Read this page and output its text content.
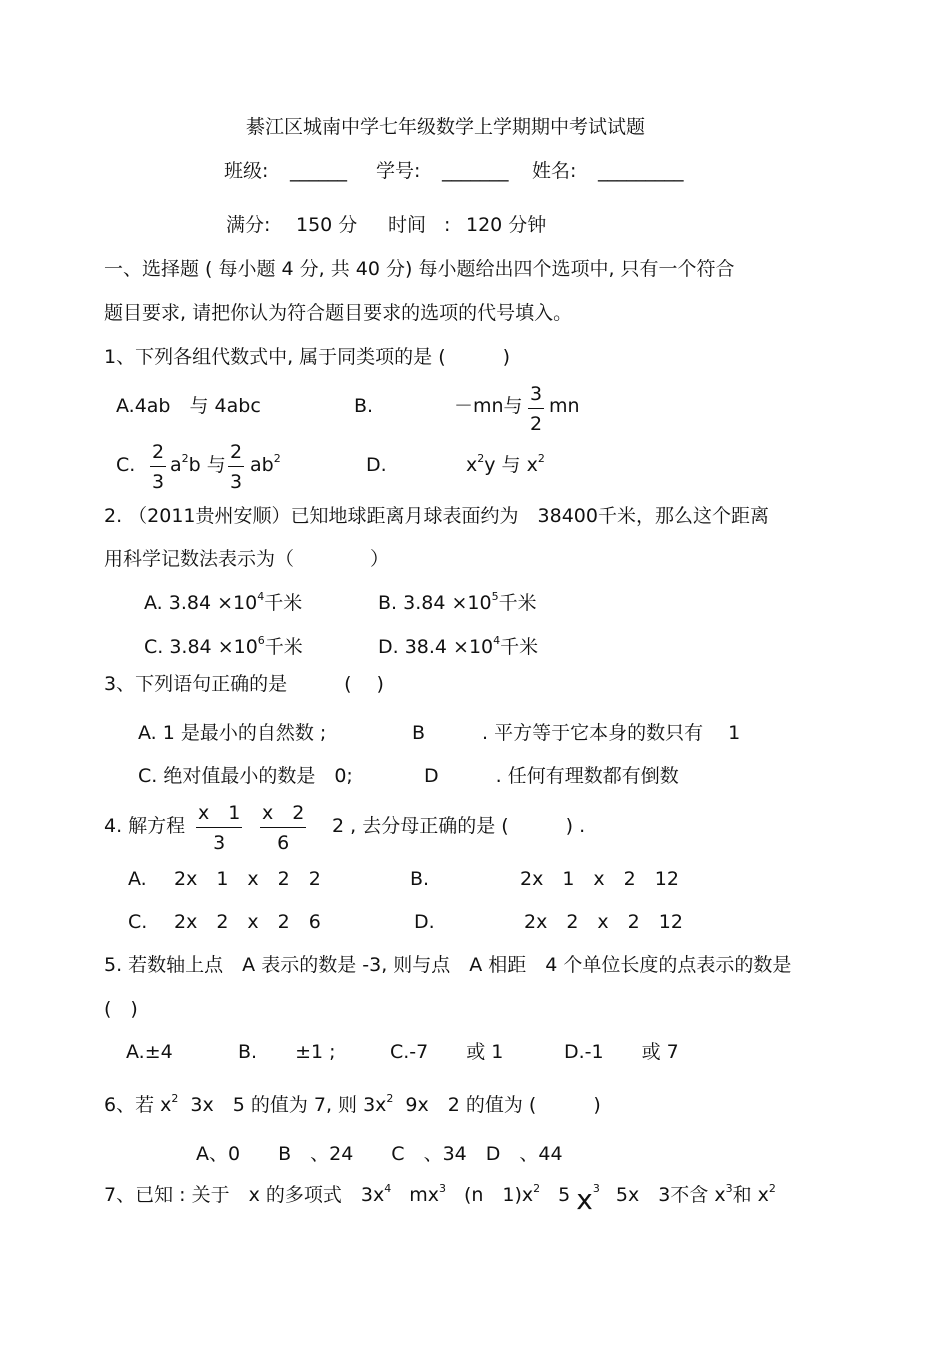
綦江区城南中学七年级数学上学期期中考试试题
班级: ______ 学号: _______ 姓名: _________
满分: 150 分 时间 : 120 分钟
一、选择题 ( 每小题 4 分, 共 40 分) 每小题给出四个选项中, 只有一个符合
题目要求, 请把你认为符合题目要求的选项的代号填入。
1、下列各组代数式中, 属于同类项的是 (　　　)
A.4ab　与 4abc	B.	－mn与 $\frac{3}{2}$ mn
C. $\frac{2}{3} a^2b$ 与 $\frac{2}{3} ab^2$	D.	$x^2y$ 与 $x^2$
2. （2011贵州安顺）已知地球距离月球表面约为　38400千米，那么这个距离
用科学记数法表示为（　　　　）
A. $3.84 \times 10^4$千米	B. $3.84 \times 10^5$千米
C. $3.84 \times 10^6$千米	D. $38.4 \times 10^4$千米
3、下列语句正确的是　　　(　 )
A. 1 是最小的自然数 ;	B　　　. 平方等于它本身的数只有　 1
C. 绝对值最小的数是　0;	D　　　. 任何有理数都有倒数
4. 解方程 $\frac{x 1}{3} \frac{x 2}{6} 2$ , 去分母正确的是 (　　　) .
A. 2x　1　x　2　2	B.	2x　1　x　2　12
C. 2x　2　x　2　6	D.	2x　2　x　2　12
5. 若数轴上点　A 表示的数是 -3, 则与点　A 相距　4 个单位长度的点表示的数是
(　)
A.±4	B.　　±1 ;	C.-7　　或 1	D.-1　　或 7
6、若 $x^2$ 3x　5 的值为 7, 则 $3x^2$ 9x　2 的值为 (　　　)
A、0　　B　、24　　C　、34　D　、44
7、已知 : 关于　x 的多项式　$3x^4$ $mx^3$ (n　$1)x^2$ 5 $x^3$ 5x　3不含 $x^3$和 $x^2$
